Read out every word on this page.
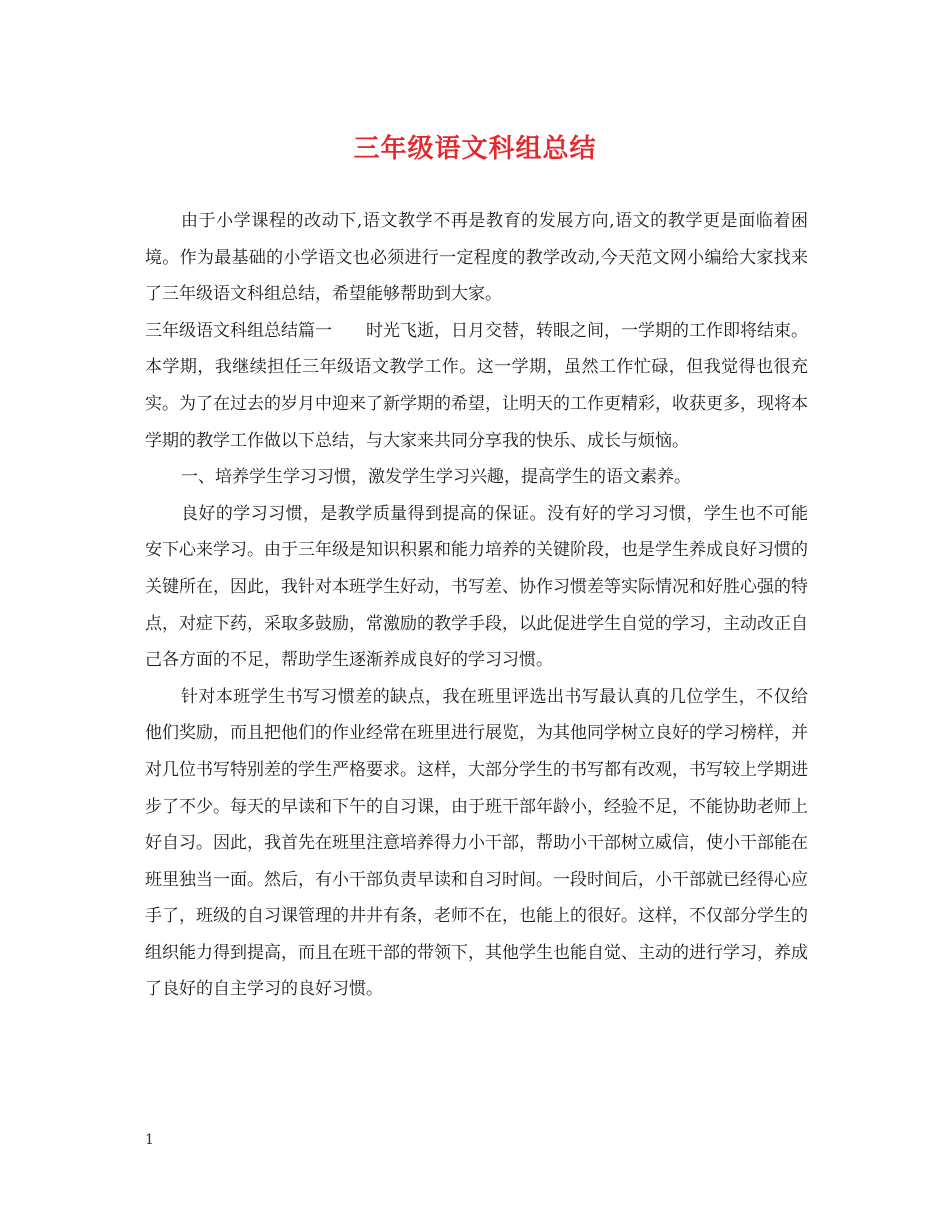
三年级语文科组总结

由于小学课程的改动下,语文教学不再是教育的发展方向,语文的教学更是面临着困境。作为最基础的小学语文也必须进行一定程度的教学改动,今天范文网小编给大家找来了三年级语文科组总结，希望能够帮助到大家。

三年级语文科组总结篇一　　时光飞逝，日月交替，转眼之间，一学期的工作即将结束。本学期，我继续担任三年级语文教学工作。这一学期，虽然工作忙碌，但我觉得也很充实。为了在过去的岁月中迎来了新学期的希望，让明天的工作更精彩，收获更多，现将本学期的教学工作做以下总结，与大家来共同分享我的快乐、成长与烦恼。

一、培养学生学习习惯，激发学生学习兴趣，提高学生的语文素养。

良好的学习习惯，是教学质量得到提高的保证。没有好的学习习惯，学生也不可能安下心来学习。由于三年级是知识积累和能力培养的关键阶段，也是学生养成良好习惯的关键所在，因此，我针对本班学生好动，书写差、协作习惯差等实际情况和好胜心强的特点，对症下药，采取多鼓励，常激励的教学手段，以此促进学生自觉的学习，主动改正自己各方面的不足，帮助学生逐渐养成良好的学习习惯。

针对本班学生书写习惯差的缺点，我在班里评选出书写最认真的几位学生，不仅给他们奖励，而且把他们的作业经常在班里进行展览，为其他同学树立良好的学习榜样，并对几位书写特别差的学生严格要求。这样，大部分学生的书写都有改观，书写较上学期进步了不少。每天的早读和下午的自习课，由于班干部年龄小，经验不足，不能协助老师上好自习。因此，我首先在班里注意培养得力小干部，帮助小干部树立威信，使小干部能在班里独当一面。然后，有小干部负责早读和自习时间。一段时间后，小干部就已经得心应手了，班级的自习课管理的井井有条，老师不在，也能上的很好。这样，不仅部分学生的组织能力得到提高，而且在班干部的带领下，其他学生也能自觉、主动的进行学习，养成了良好的自主学习的良好习惯。

1
